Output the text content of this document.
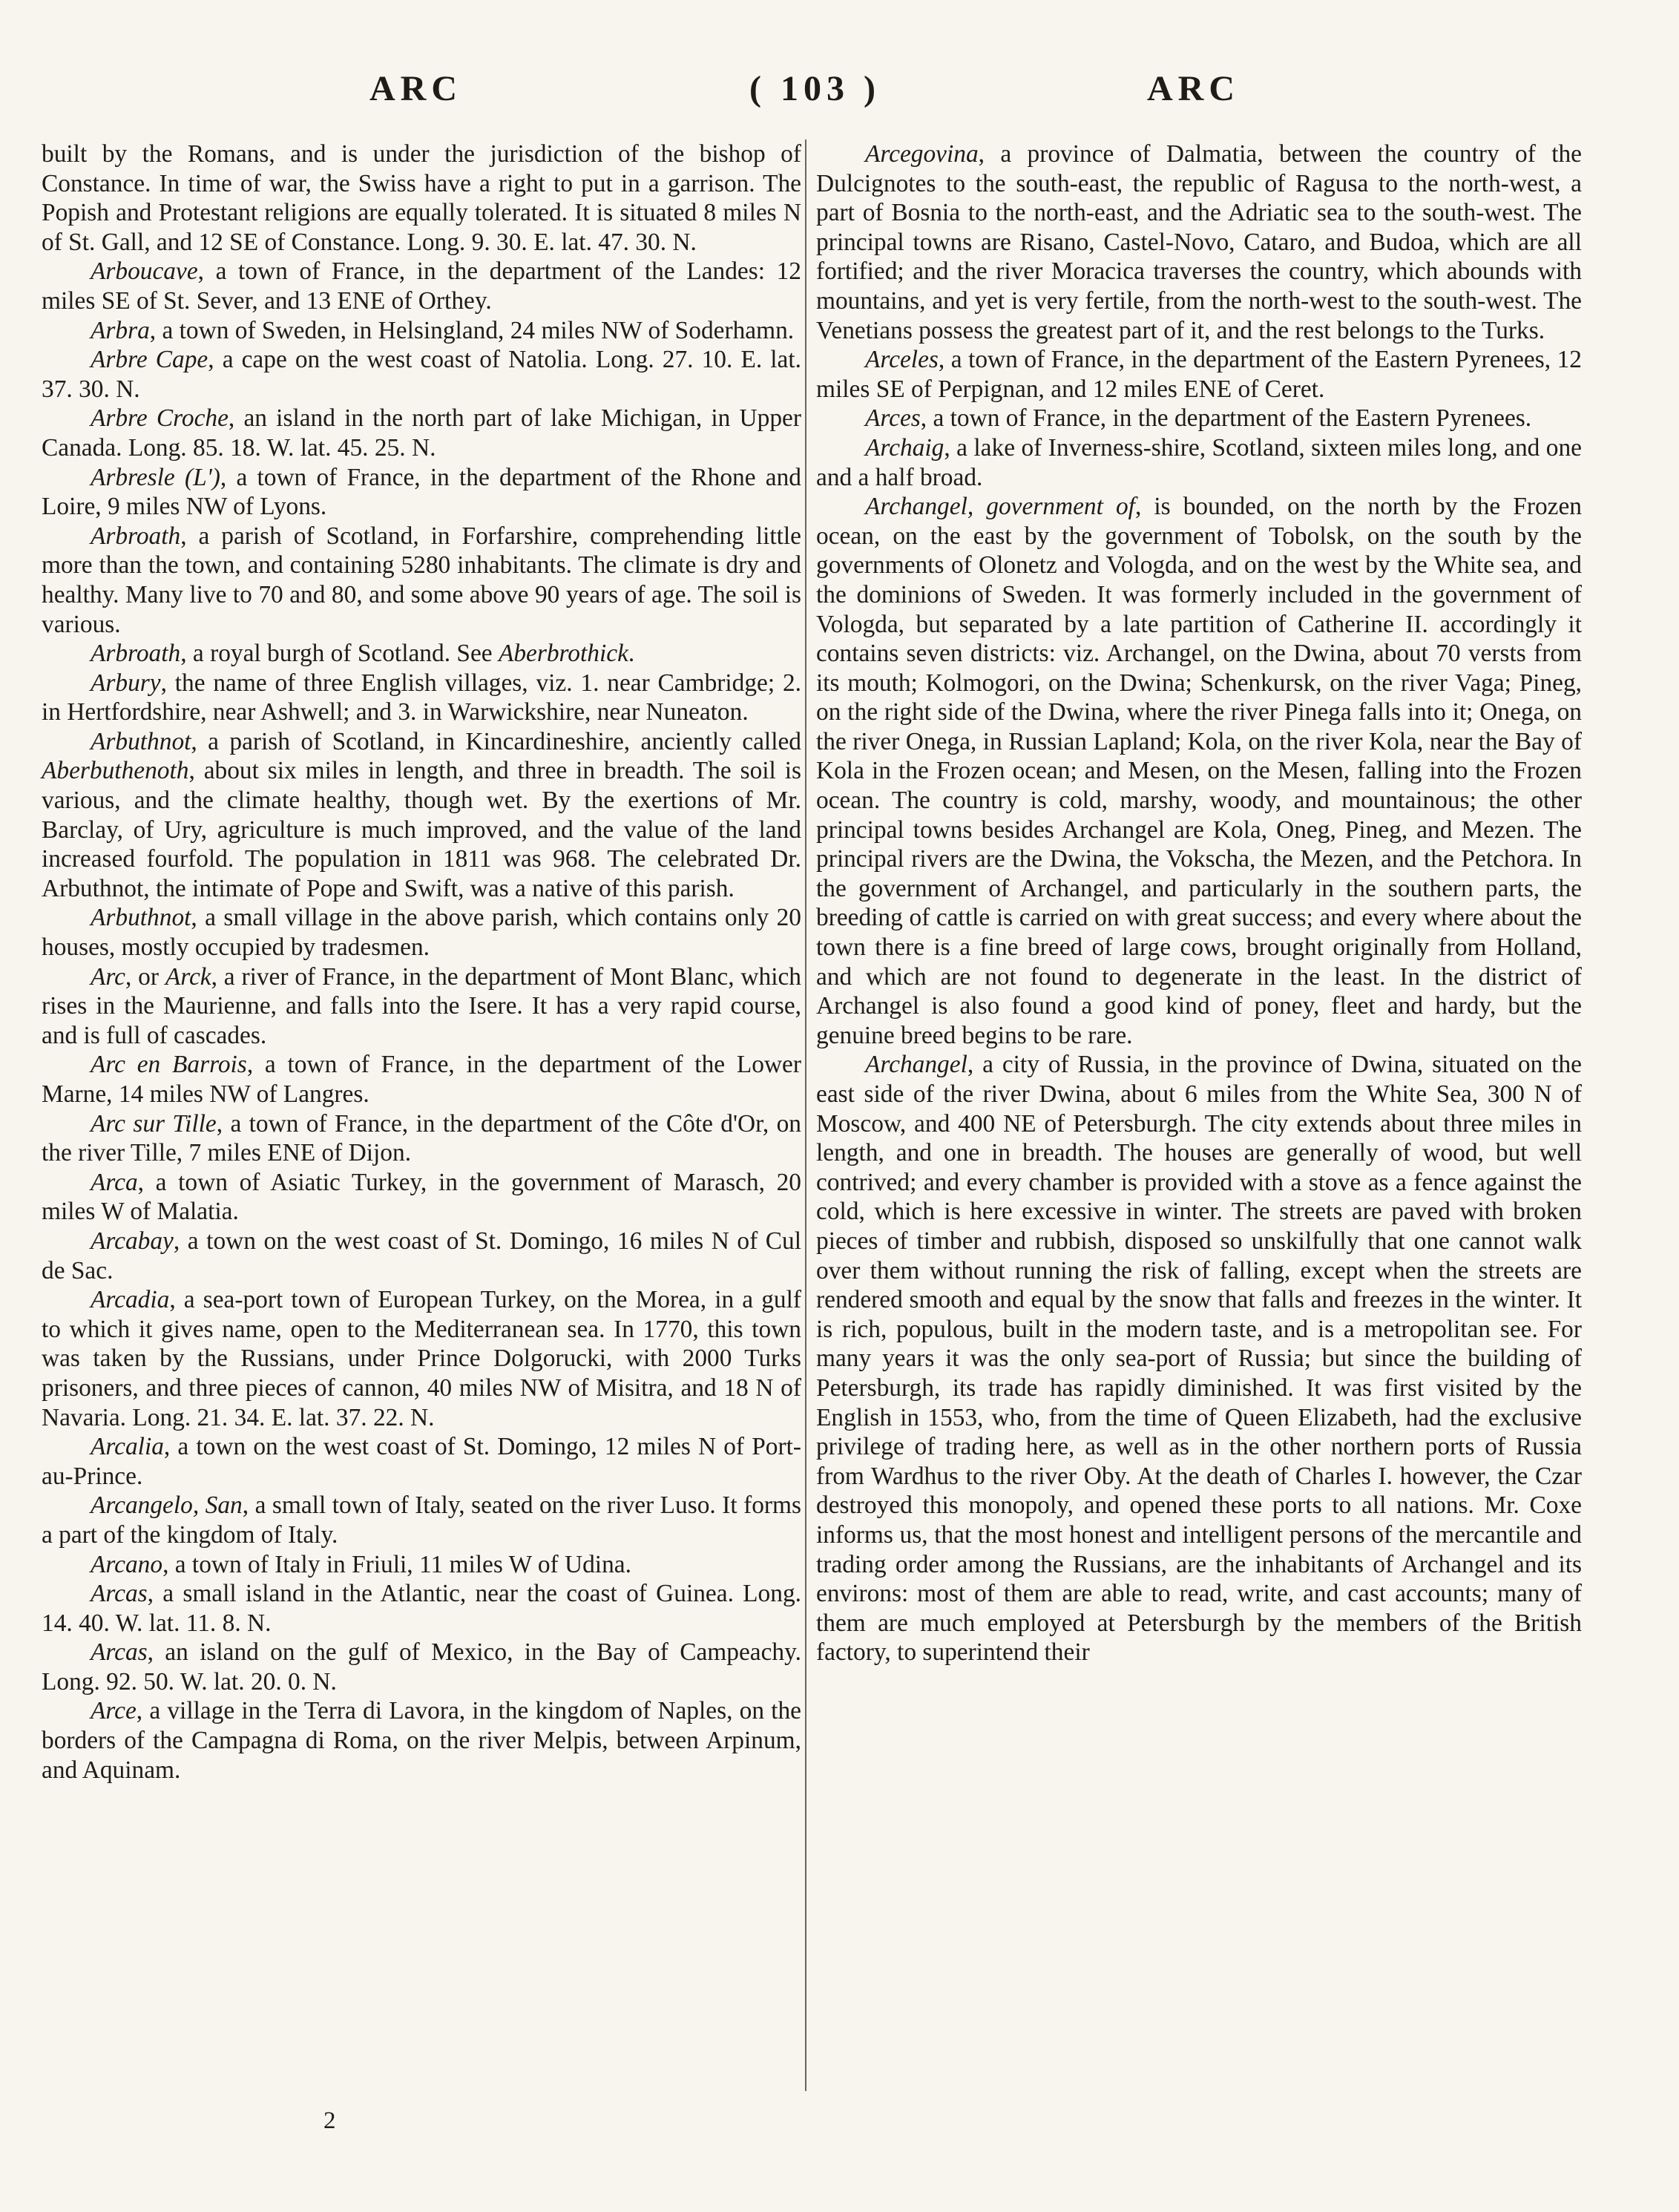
ARC	( 103 )	ARC

built by the Romans, and is under the jurisdiction of the bishop of Constance. In time of war, the Swiss have a right to put in a garrison. The Popish and Protestant religions are equally tolerated. It is situated 8 miles N of St. Gall, and 12 SE of Constance. Long. 9. 30. E. lat. 47. 30. N.

Arboucave, a town of France, in the department of the Landes: 12 miles SE of St. Sever, and 13 ENE of Orthey.

Arbra, a town of Sweden, in Helsingland, 24 miles NW of Soderhamn.

Arbre Cape, a cape on the west coast of Natolia. Long. 27. 10. E. lat. 37. 30. N.

Arbre Croche, an island in the north part of lake Michigan, in Upper Canada. Long. 85. 18. W. lat. 45. 25. N.

Arbresle (L'), a town of France, in the department of the Rhone and Loire, 9 miles NW of Lyons.

Arbroath, a parish of Scotland, in Forfarshire, comprehending little more than the town, and containing 5280 inhabitants. The climate is dry and healthy. Many live to 70 and 80, and some above 90 years of age. The soil is various.

Arbroath, a royal burgh of Scotland. See Aberbrothick.

Arbury, the name of three English villages, viz. 1. near Cambridge; 2. in Hertfordshire, near Ashwell; and 3. in Warwickshire, near Nuneaton.

Arbuthnot, a parish of Scotland, in Kincardineshire, anciently called Aberbuthenoth, about six miles in length, and three in breadth. The soil is various, and the climate healthy, though wet. By the exertions of Mr. Barclay, of Ury, agriculture is much improved, and the value of the land increased fourfold. The population in 1811 was 968. The celebrated Dr. Arbuthnot, the intimate of Pope and Swift, was a native of this parish.

Arbuthnot, a small village in the above parish, which contains only 20 houses, mostly occupied by tradesmen.

Arc, or Arck, a river of France, in the department of Mont Blanc, which rises in the Maurienne, and falls into the Isere. It has a very rapid course, and is full of cascades.

Arc en Barrois, a town of France, in the department of the Lower Marne, 14 miles NW of Langres.

Arc sur Tille, a town of France, in the department of the Côte d'Or, on the river Tille, 7 miles ENE of Dijon.

Arca, a town of Asiatic Turkey, in the government of Marasch, 20 miles W of Malatia.

Arcabay, a town on the west coast of St. Domingo, 16 miles N of Cul de Sac.

Arcadia, a sea-port town of European Turkey, on the Morea, in a gulf to which it gives name, open to the Mediterranean sea. In 1770, this town was taken by the Russians, under Prince Dolgorucki, with 2000 Turks prisoners, and three pieces of cannon, 40 miles NW of Misitra, and 18 N of Navaria. Long. 21. 34. E. lat. 37. 22. N.

Arcalia, a town on the west coast of St. Domingo, 12 miles N of Port-au-Prince.

Arcangelo, San, a small town of Italy, seated on the river Luso. It forms a part of the kingdom of Italy.

Arcano, a town of Italy in Friuli, 11 miles W of Udina.

Arcas, a small island in the Atlantic, near the coast of Guinea. Long. 14. 40. W. lat. 11. 8. N.

Arcas, an island on the gulf of Mexico, in the Bay of Campeachy. Long. 92. 50. W. lat. 20. 0. N.

Arce, a village in the Terra di Lavora, in the kingdom of Naples, on the borders of the Campagna di Roma, on the river Melpis, between Arpinum, and Aquinam.

Arcegovina, a province of Dalmatia, between the country of the Dulcignotes to the south-east, the republic of Ragusa to the north-west, a part of Bosnia to the north-east, and the Adriatic sea to the south-west. The principal towns are Risano, Castel-Novo, Cataro, and Budoa, which are all fortified; and the river Moracica traverses the country, which abounds with mountains, and yet is very fertile, from the north-west to the south-west. The Venetians possess the greatest part of it, and the rest belongs to the Turks.

Arceles, a town of France, in the department of the Eastern Pyrenees, 12 miles SE of Perpignan, and 12 miles ENE of Ceret.

Arces, a town of France, in the department of the Eastern Pyrenees.

Archaig, a lake of Inverness-shire, Scotland, sixteen miles long, and one and a half broad.

Archangel, government of, is bounded, on the north by the Frozen ocean, on the east by the government of Tobolsk, on the south by the governments of Olonetz and Vologda, and on the west by the White sea, and the dominions of Sweden. It was formerly included in the government of Vologda, but separated by a late partition of Catherine II. accordingly it contains seven districts: viz. Archangel, on the Dwina, about 70 versts from its mouth; Kolmogori, on the Dwina; Schenkursk, on the river Vaga; Pineg, on the right side of the Dwina, where the river Pinega falls into it; Onega, on the river Onega, in Russian Lapland; Kola, on the river Kola, near the Bay of Kola in the Frozen ocean; and Mesen, on the Mesen, falling into the Frozen ocean. The country is cold, marshy, woody, and mountainous; the other principal towns besides Archangel are Kola, Oneg, Pineg, and Mezen. The principal rivers are the Dwina, the Vokscha, the Mezen, and the Petchora. In the government of Archangel, and particularly in the southern parts, the breeding of cattle is carried on with great success; and every where about the town there is a fine breed of large cows, brought originally from Holland, and which are not found to degenerate in the least. In the district of Archangel is also found a good kind of poney, fleet and hardy, but the genuine breed begins to be rare.

Archangel, a city of Russia, in the province of Dwina, situated on the east side of the river Dwina, about 6 miles from the White Sea, 300 N of Moscow, and 400 NE of Petersburgh. The city extends about three miles in length, and one in breadth. The houses are generally of wood, but well contrived; and every chamber is provided with a stove as a fence against the cold, which is here excessive in winter. The streets are paved with broken pieces of timber and rubbish, disposed so unskilfully that one cannot walk over them without running the risk of falling, except when the streets are rendered smooth and equal by the snow that falls and freezes in the winter. It is rich, populous, built in the modern taste, and is a metropolitan see. For many years it was the only sea-port of Russia; but since the building of Petersburgh, its trade has rapidly diminished. It was first visited by the English in 1553, who, from the time of Queen Elizabeth, had the exclusive privilege of trading here, as well as in the other northern ports of Russia from Wardhus to the river Oby. At the death of Charles I. however, the Czar destroyed this monopoly, and opened these ports to all nations. Mr. Coxe informs us, that the most honest and intelligent persons of the mercantile and trading order among the Russians, are the inhabitants of Archangel and its environs: most of them are able to read, write, and cast accounts; many of them are much employed at Petersburgh by the members of the British factory, to superintend their

2
